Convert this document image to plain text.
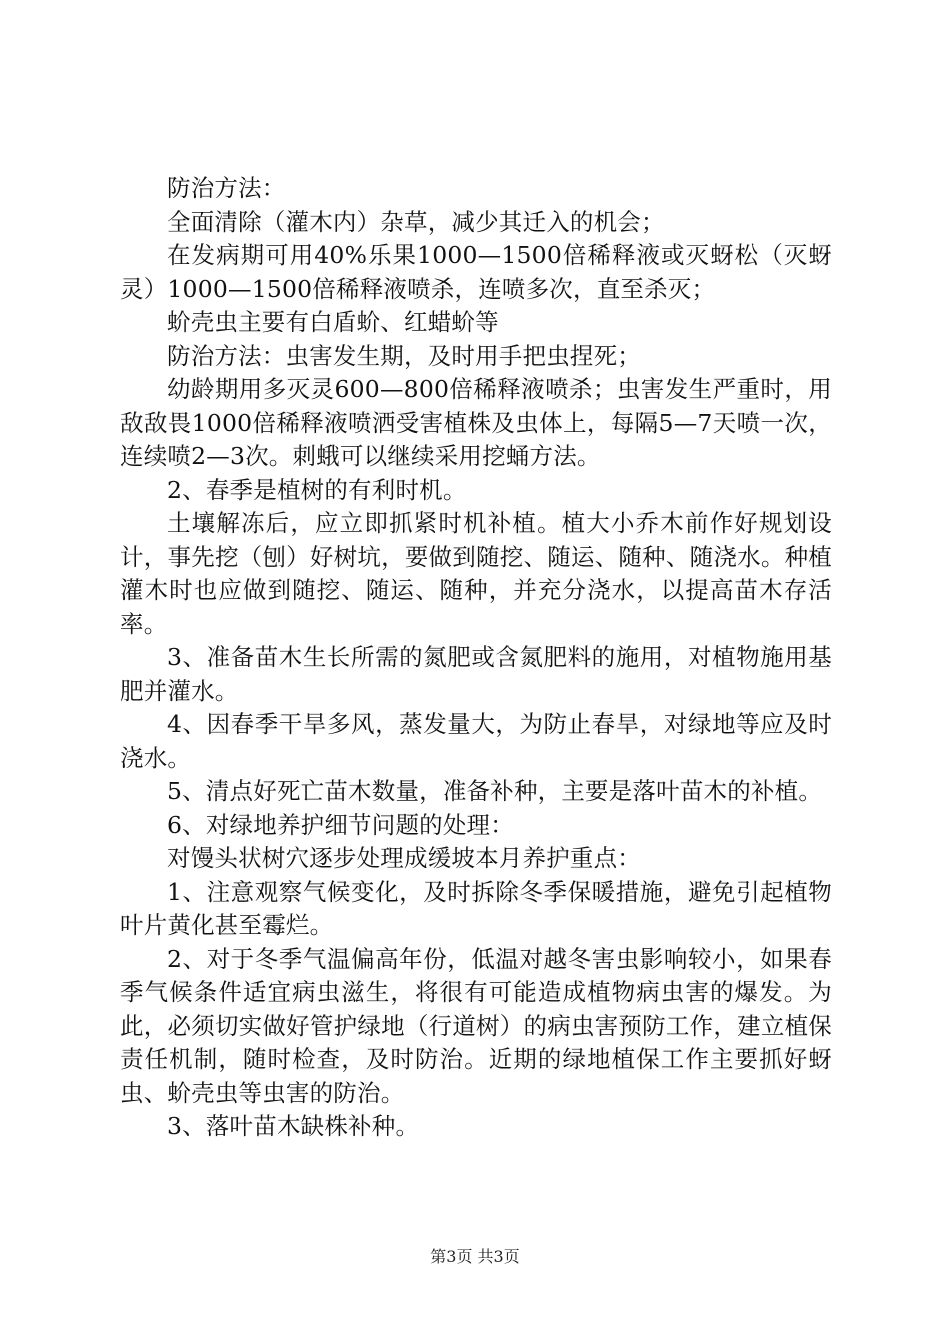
防治方法：

全面清除（灌木内）杂草，减少其迁入的机会；

在发病期可用40%乐果1000—1500倍稀释液或灭蚜松（灭蚜灵）1000—1500倍稀释液喷杀，连喷多次，直至杀灭；

蚧壳虫主要有白盾蚧、红蜡蚧等

防治方法：虫害发生期，及时用手把虫捏死；

幼龄期用多灭灵600—800倍稀释液喷杀；虫害发生严重时，用敌敌畏1000倍稀释液喷洒受害植株及虫体上，每隔5—7天喷一次，连续喷2—3次。刺蛾可以继续采用挖蛹方法。

2、春季是植树的有利时机。

土壤解冻后，应立即抓紧时机补植。植大小乔木前作好规划设计，事先挖（刨）好树坑，要做到随挖、随运、随种、随浇水。种植灌木时也应做到随挖、随运、随种，并充分浇水，以提高苗木存活率。

3、准备苗木生长所需的氮肥或含氮肥料的施用，对植物施用基肥并灌水。

4、因春季干旱多风，蒸发量大，为防止春旱，对绿地等应及时浇水。

5、清点好死亡苗木数量，准备补种，主要是落叶苗木的补植。

6、对绿地养护细节问题的处理：

对馒头状树穴逐步处理成缓坡本月养护重点：

1、注意观察气候变化，及时拆除冬季保暖措施，避免引起植物叶片黄化甚至霉烂。

2、对于冬季气温偏高年份，低温对越冬害虫影响较小，如果春季气候条件适宜病虫滋生，将很有可能造成植物病虫害的爆发。为此，必须切实做好管护绿地（行道树）的病虫害预防工作，建立植保责任机制，随时检查，及时防治。近期的绿地植保工作主要抓好蚜虫、蚧壳虫等虫害的防治。

3、落叶苗木缺株补种。

第3页 共3页
